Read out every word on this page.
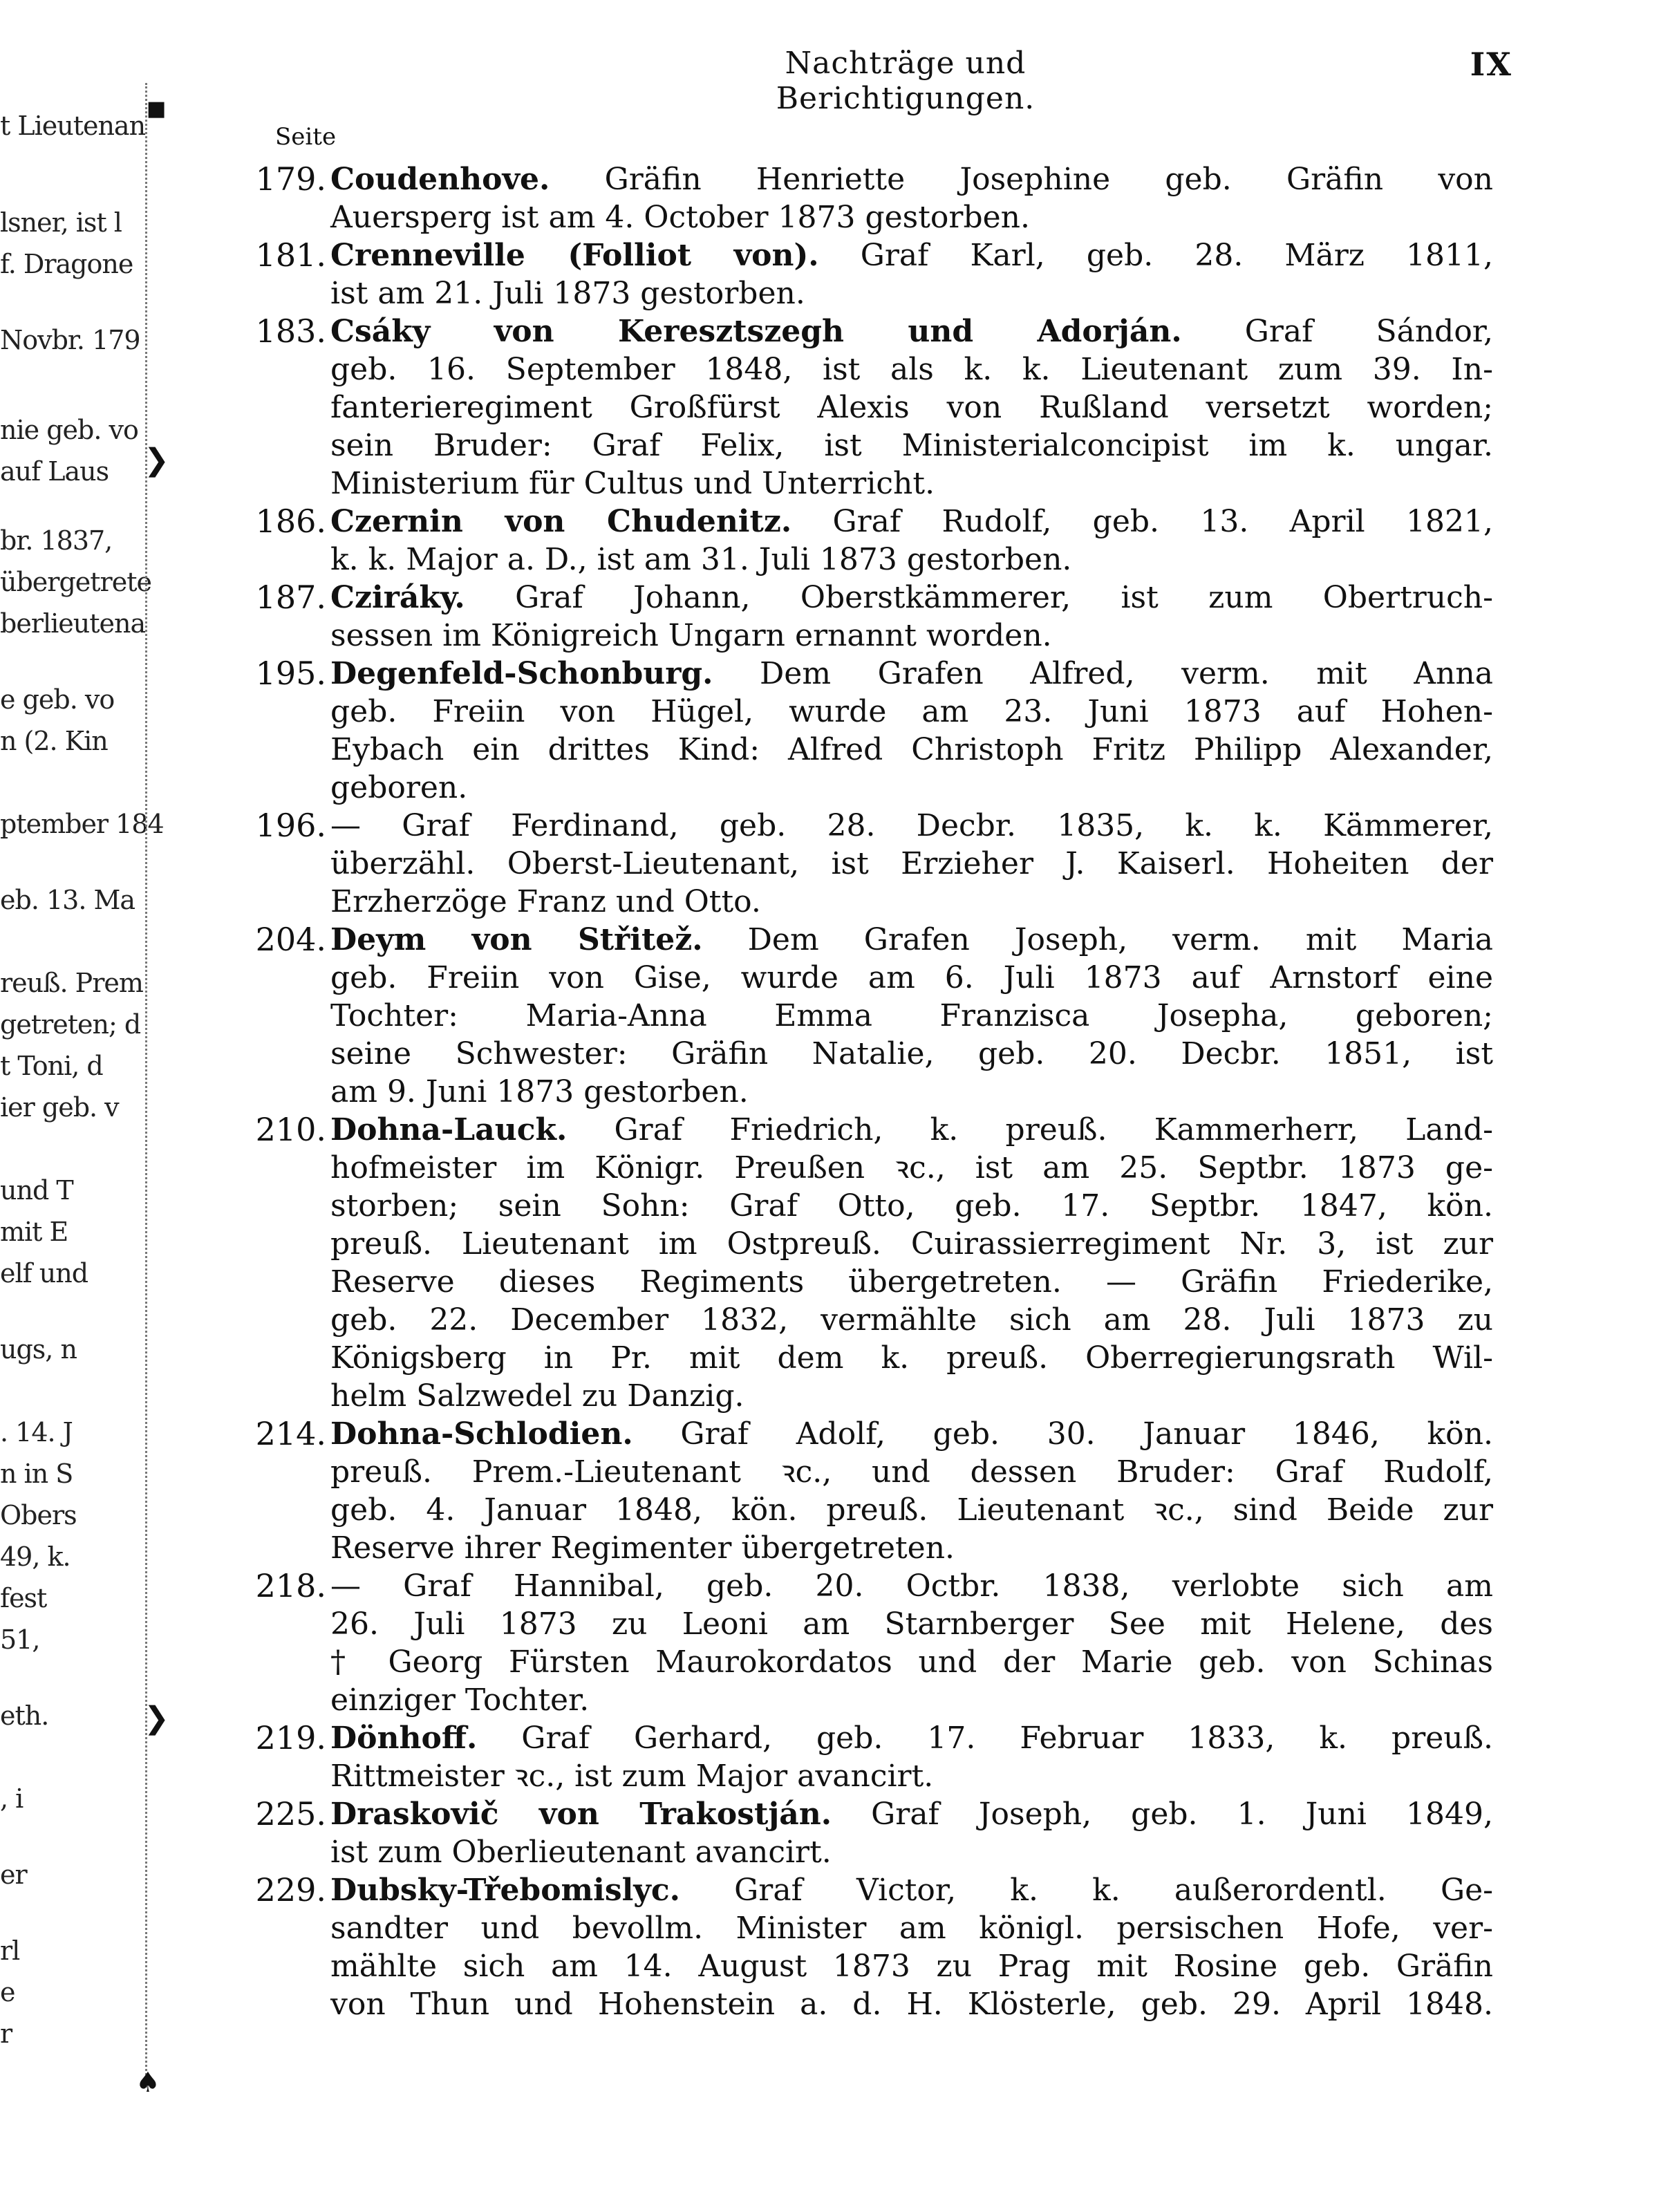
t Lieutenan
lsner, ist l
f. Dragone
Novbr. 179
nie geb. vo
auf Laus
br. 1837,
übergetrete
berlieutena
e geb. vo
n (2. Kin
ptember 184
eb. 13. Ma
reuß. Prem
getreten; d
t Toni, d
ier geb. v
und T
mit E
elf und
ugs, n
. 14. J
n in S
Obers
49, k.
fest
51,
eth.
, i
er
rl
e
r
■
❯
❯
♠
Nachträge und Berichtigungen.
IX
Seite
179. Coudenhove. Gräfin Henriette Josephine geb. Gräfin von
Auersperg ist am 4. October 1873 gestorben.
181. Crenneville (Folliot von). Graf Karl, geb. 28. März 1811,
ist am 21. Juli 1873 gestorben.
183. Csáky von Keresztszegh und Adorján. Graf Sándor,
geb. 16. September 1848, ist als k. k. Lieutenant zum 39. In-
fanterieregiment Großfürst Alexis von Rußland versetzt worden;
sein Bruder: Graf Felix, ist Ministerialconcipist im k. ungar.
Ministerium für Cultus und Unterricht.
186. Czernin von Chudenitz. Graf Rudolf, geb. 13. April 1821,
k. k. Major a. D., ist am 31. Juli 1873 gestorben.
187. Cziráky. Graf Johann, Oberstkämmerer, ist zum Obertruch-
sessen im Königreich Ungarn ernannt worden.
195. Degenfeld-Schonburg. Dem Grafen Alfred, verm. mit Anna
geb. Freiin von Hügel, wurde am 23. Juni 1873 auf Hohen-
Eybach ein drittes Kind: Alfred Christoph Fritz Philipp Alexander,
geboren.
196. — Graf Ferdinand, geb. 28. Decbr. 1835, k. k. Kämmerer,
überzähl. Oberst-Lieutenant, ist Erzieher J. Kaiserl. Hoheiten der
Erzherzöge Franz und Otto.
204. Deym von Střitež. Dem Grafen Joseph, verm. mit Maria
geb. Freiin von Gise, wurde am 6. Juli 1873 auf Arnstorf eine
Tochter: Maria-Anna Emma Franzisca Josepha, geboren;
seine Schwester: Gräfin Natalie, geb. 20. Decbr. 1851, ist
am 9. Juni 1873 gestorben.
210. Dohna-Lauck. Graf Friedrich, k. preuß. Kammerherr, Land-
hofmeister im Königr. Preußen ꝛc., ist am 25. Septbr. 1873 ge-
storben; sein Sohn: Graf Otto, geb. 17. Septbr. 1847, kön.
preuß. Lieutenant im Ostpreuß. Cuirassierregiment Nr. 3, ist zur
Reserve dieses Regiments übergetreten. — Gräfin Friederike,
geb. 22. December 1832, vermählte sich am 28. Juli 1873 zu
Königsberg in Pr. mit dem k. preuß. Oberregierungsrath Wil-
helm Salzwedel zu Danzig.
214. Dohna-Schlodien. Graf Adolf, geb. 30. Januar 1846, kön.
preuß. Prem.-Lieutenant ꝛc., und dessen Bruder: Graf Rudolf,
geb. 4. Januar 1848, kön. preuß. Lieutenant ꝛc., sind Beide zur
Reserve ihrer Regimenter übergetreten.
218. — Graf Hannibal, geb. 20. Octbr. 1838, verlobte sich am
26. Juli 1873 zu Leoni am Starnberger See mit Helene, des
† Georg Fürsten Maurokordatos und der Marie geb. von Schinas
einziger Tochter.
219. Dönhoff. Graf Gerhard, geb. 17. Februar 1833, k. preuß.
Rittmeister ꝛc., ist zum Major avancirt.
225. Draskovič von Trakostján. Graf Joseph, geb. 1. Juni 1849,
ist zum Oberlieutenant avancirt.
229. Dubsky-Třebomislyc. Graf Victor, k. k. außerordentl. Ge-
sandter und bevollm. Minister am königl. persischen Hofe, ver-
mählte sich am 14. August 1873 zu Prag mit Rosine geb. Gräfin
von Thun und Hohenstein a. d. H. Klösterle, geb. 29. April 1848.
